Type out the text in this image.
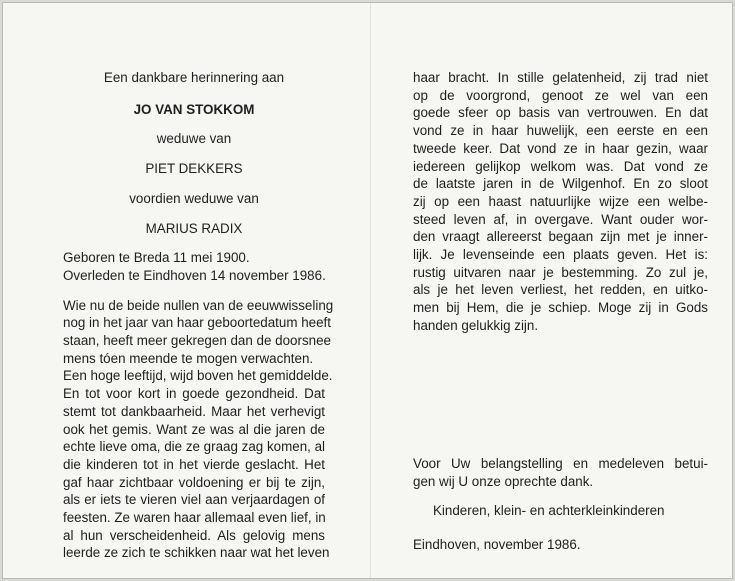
Een dankbare herinnering aan
JO VAN STOKKOM
weduwe van
PIET DEKKERS
voordien weduwe van
MARIUS RADIX
Geboren te Breda 11 mei 1900.
Overleden te Eindhoven 14 november 1986.
Wie nu de beide nullen van de eeuwwisseling
nog in het jaar van haar geboortedatum heeft
staan, heeft meer gekregen dan de doorsnee
mens tóen meende te mogen verwachten.
Een hoge leeftijd, wijd boven het gemiddelde.
En tot voor kort in goede gezondheid. Dat
stemt tot dankbaarheid. Maar het verhevigt
ook het gemis. Want ze was al die jaren de
echte lieve oma, die ze graag zag komen, al
die kinderen tot in het vierde geslacht. Het
gaf haar zichtbaar voldoening er bij te zijn,
als er iets te vieren viel aan verjaardagen of
feesten. Ze waren haar allemaal even lief, in
al hun verscheidenheid. Als gelovig mens
leerde ze zich te schikken naar wat het leven
haar bracht. In stille gelatenheid, zij trad niet
op de voorgrond, genoot ze wel van een
goede sfeer op basis van vertrouwen. En dat
vond ze in haar huwelijk, een eerste en een
tweede keer. Dat vond ze in haar gezin, waar
iedereen gelijkop welkom was. Dat vond ze
de laatste jaren in de Wilgenhof. En zo sloot
zij op een haast natuurlijke wijze een welbe-
steed leven af, in overgave. Want ouder wor-
den vraagt allereerst begaan zijn met je inner-
lijk. Je levenseinde een plaats geven. Het is:
rustig uitvaren naar je bestemming. Zo zul je,
als je het leven verliest, het redden, en uitko-
men bij Hem, die je schiep. Moge zij in Gods
handen gelukkig zijn.
Voor Uw belangstelling en medeleven betui-
gen wij U onze oprechte dank.
Kinderen, klein- en achterkleinkinderen
Eindhoven, november 1986.
